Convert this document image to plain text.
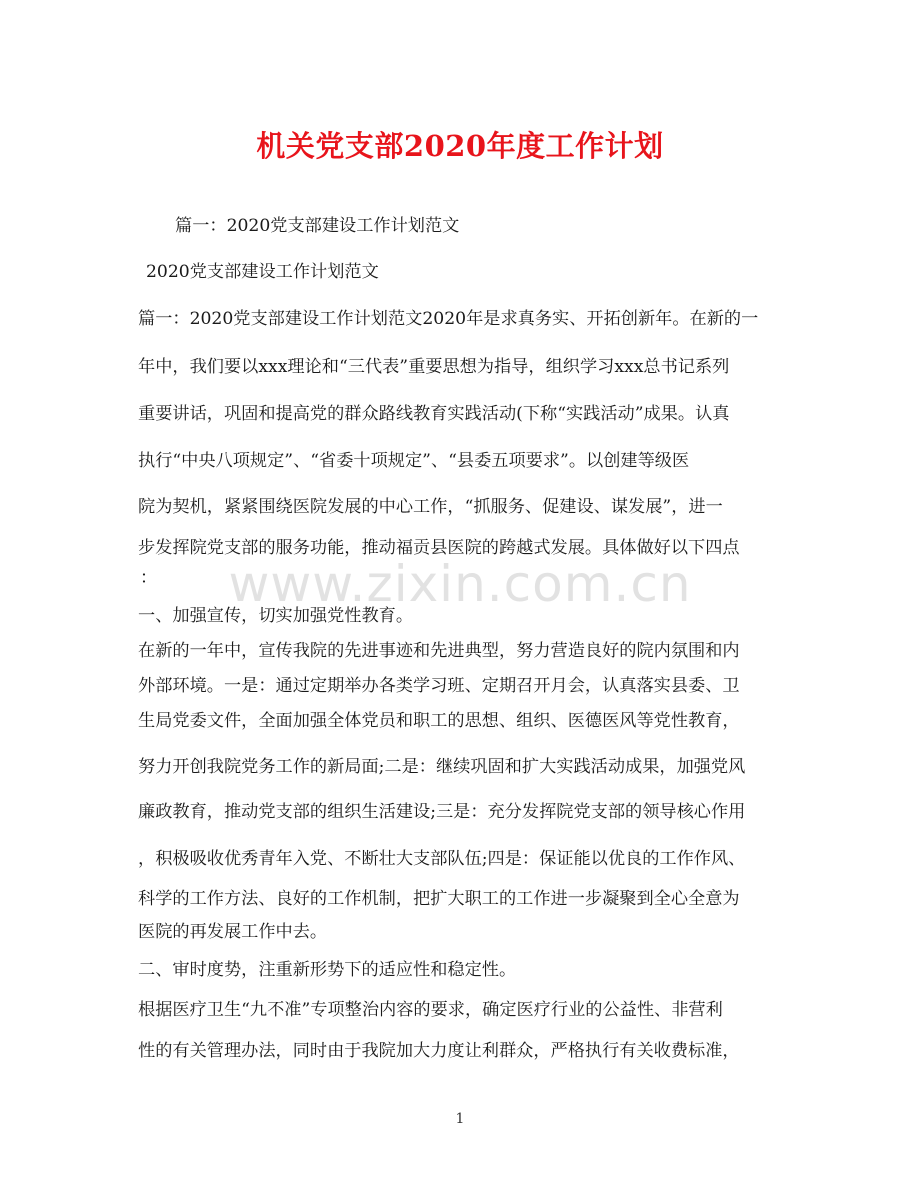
机关党支部2020年度工作计划
篇一：2020党支部建设工作计划范文
2020党支部建设工作计划范文
篇一：2020党支部建设工作计划范文2020年是求真务实、开拓创新年。在新的一
年中，我们要以xxx理论和“三代表”重要思想为指导，组织学习xxx总书记系列
重要讲话，巩固和提高党的群众路线教育实践活动(下称“实践活动”成果。认真
执行“中央八项规定”、“省委十项规定”、“县委五项要求”。以创建等级医
院为契机，紧紧围绕医院发展的中心工作，“抓服务、促建设、谋发展”，进一
步发挥院党支部的服务功能，推动福贡县医院的跨越式发展。具体做好以下四点
：
一、加强宣传，切实加强党性教育。
在新的一年中，宣传我院的先进事迹和先进典型，努力营造良好的院内氛围和内
外部环境。一是：通过定期举办各类学习班、定期召开月会，认真落实县委、卫
生局党委文件，全面加强全体党员和职工的思想、组织、医德医风等党性教育，
努力开创我院党务工作的新局面;二是：继续巩固和扩大实践活动成果，加强党风
廉政教育，推动党支部的组织生活建设;三是：充分发挥院党支部的领导核心作用
，积极吸收优秀青年入党、不断壮大支部队伍;四是：保证能以优良的工作作风、
科学的工作方法、良好的工作机制，把扩大职工的工作进一步凝聚到全心全意为
医院的再发展工作中去。
二、审时度势，注重新形势下的适应性和稳定性。
根据医疗卫生“九不准”专项整治内容的要求，确定医疗行业的公益性、非营利
性的有关管理办法，同时由于我院加大力度让利群众，严格执行有关收费标准，
www.zixin.com.cn
1
